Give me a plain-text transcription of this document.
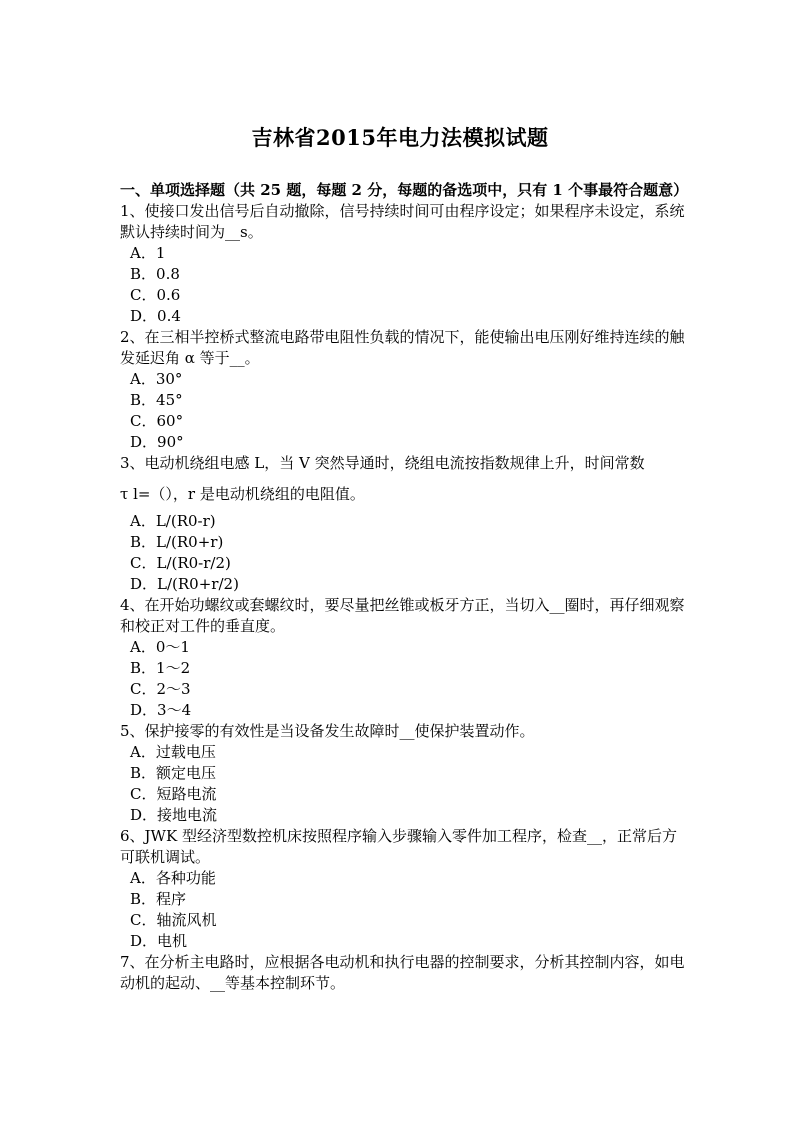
吉林省2015年电力法模拟试题

一、单项选择题（共 25 题，每题 2 分，每题的备选项中，只有 1 个事最符合题意）

1、使接口发出信号后自动撤除，信号持续时间可由程序设定；如果程序未设定，系统默认持续时间为__s。

A．1

B．0.8

C．0.6

D．0.4

2、在三相半控桥式整流电路带电阻性负载的情况下，能使输出电压刚好维持连续的触发延迟角 α 等于__。

A．30°

B．45°

C．60°

D．90°

3、电动机绕组电感 L，当 V 突然导通时，绕组电流按指数规律上升，时间常数

τ l=（），r 是电动机绕组的电阻值。

A．L/(R0-r)

B．L/(R0+r)

C．L/(R0-r/2)

D．L/(R0+r/2)

4、在开始功螺纹或套螺纹时，要尽量把丝锥或板牙方正，当切入__圈时，再仔细观察和校正对工件的垂直度。

A．0～1

B．1～2

C．2～3

D．3～4

5、保护接零的有效性是当设备发生故障时__使保护装置动作。

A．过载电压

B．额定电压

C．短路电流

D．接地电流

6、JWK 型经济型数控机床按照程序输入步骤输入零件加工程序，检查__，正常后方可联机调试。

A．各种功能

B．程序

C．轴流风机

D．电机

7、在分析主电路时，应根据各电动机和执行电器的控制要求，分析其控制内容，如电动机的起动、__等基本控制环节。
